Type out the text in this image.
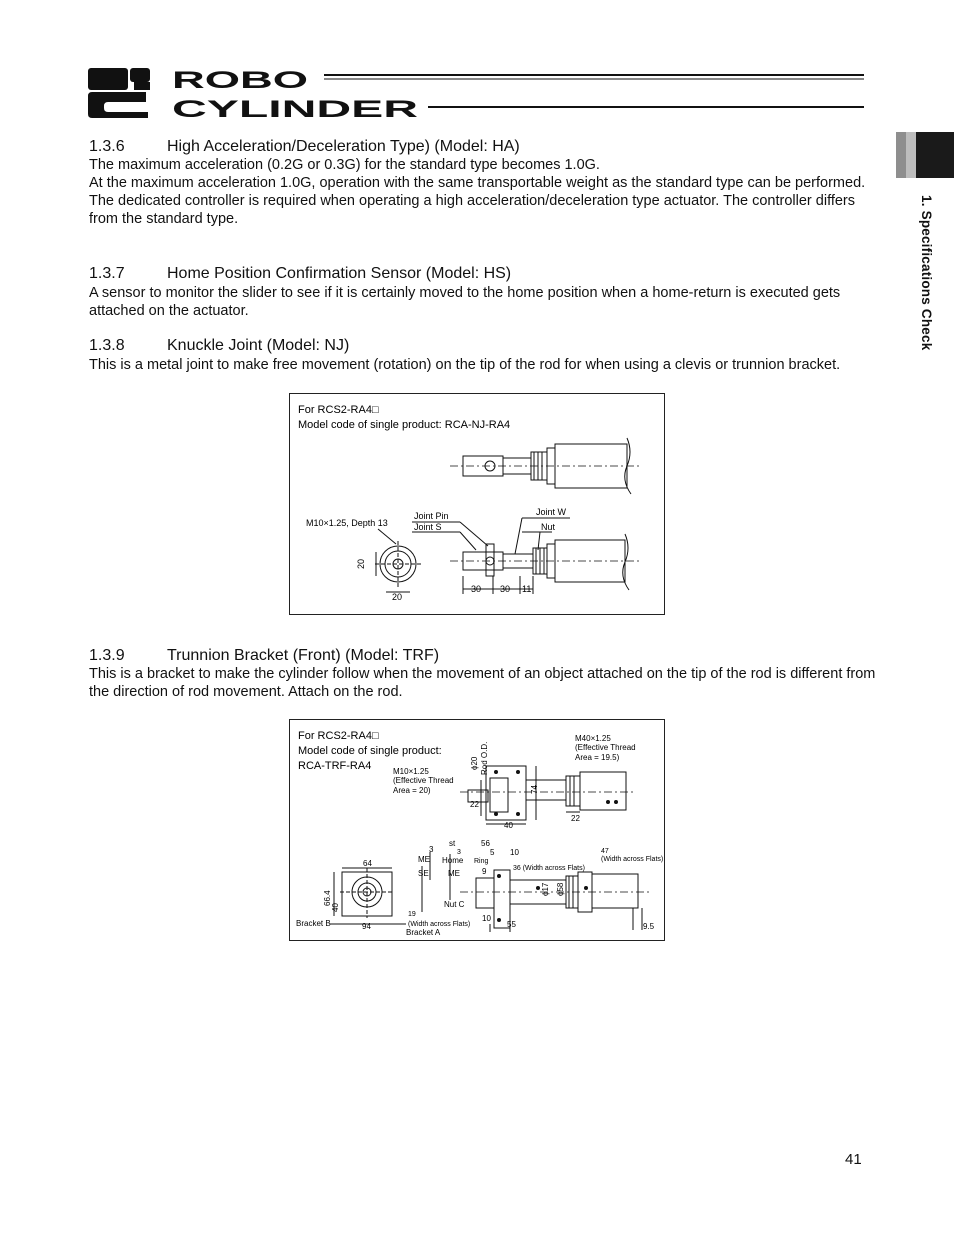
ROBO
CYLINDER
1. Specifications Check
1.3.6	High Acceleration/Deceleration Type) (Model: HA)
The maximum acceleration (0.2G or 0.3G) for the standard type becomes 1.0G.
At the maximum acceleration 1.0G, operation with the same transportable weight as the standard type can be performed.
The dedicated controller is required when operating a high acceleration/deceleration type actuator. The controller differs from the standard type.
1.3.7	Home Position Confirmation Sensor (Model: HS)
A sensor to monitor the slider to see if it is certainly moved to the home position when a home-return is executed gets attached on the actuator.
1.3.8	Knuckle Joint (Model: NJ)
This is a metal joint to make free movement (rotation) on the tip of the rod for when using a clevis or trunnion bracket.
For RCS2-RA4□
Model code of single product: RCA-NJ-RA4
M10×1.25, Depth 13
20
20
Joint Pin
Joint S
Joint W
Nut
30 30 11
1.3.9	Trunnion Bracket (Front) (Model: TRF)
This is a bracket to make the cylinder follow when the movement of an object attached on the tip of the rod is different from the direction of rod movement. Attach on the rod.
For RCS2-RA4□
Model code of single product:
RCA-TRF-RA4	M10×1.25
(Effective Thread
Area = 20)
ϕ20 Rod O.D.
M40×1.25
(Effective Thread
Area = 19.5)
74
22
40
22
3
st	56
3	5 10
ME Home Ring
9
SE ME
36 (Width across Flats)
47
(Width across Flats)
ϕ17 ϕ58
64
66.4
40	Nut C
19
(Width across Flats)
10
55	9.5
Bracket B	94
Bracket A
41
